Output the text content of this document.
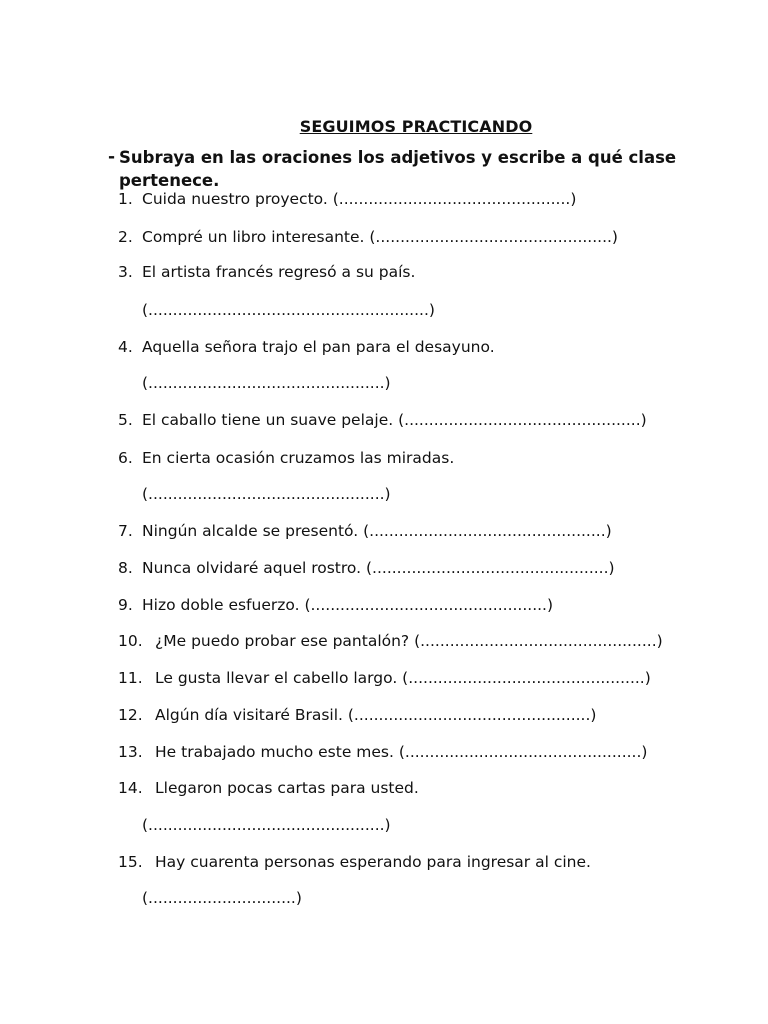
SEGUIMOS PRACTICANDO
- Subraya en las oraciones los adjetivos y escribe a qué clase pertenece.
1. Cuida nuestro proyecto. (...............................................)
2. Compré un libro interesante. (................................................)
3. El artista francés regresó a su país.
(.........................................................)
4. Aquella señora trajo el pan para el desayuno.
(................................................)
5. El caballo tiene un suave pelaje. (................................................)
6. En cierta ocasión cruzamos las miradas.
(................................................)
7. Ningún alcalde se presentó. (................................................)
8. Nunca olvidaré aquel rostro. (................................................)
9. Hizo doble esfuerzo. (................................................)
10. ¿Me puedo probar ese pantalón? (................................................)
11. Le gusta llevar el cabello largo. (................................................)
12. Algún día visitaré Brasil. (................................................)
13. He trabajado mucho este mes. (................................................)
14. Llegaron pocas cartas para usted.
(................................................)
15. Hay cuarenta personas esperando para ingresar al cine.
(..............................)
